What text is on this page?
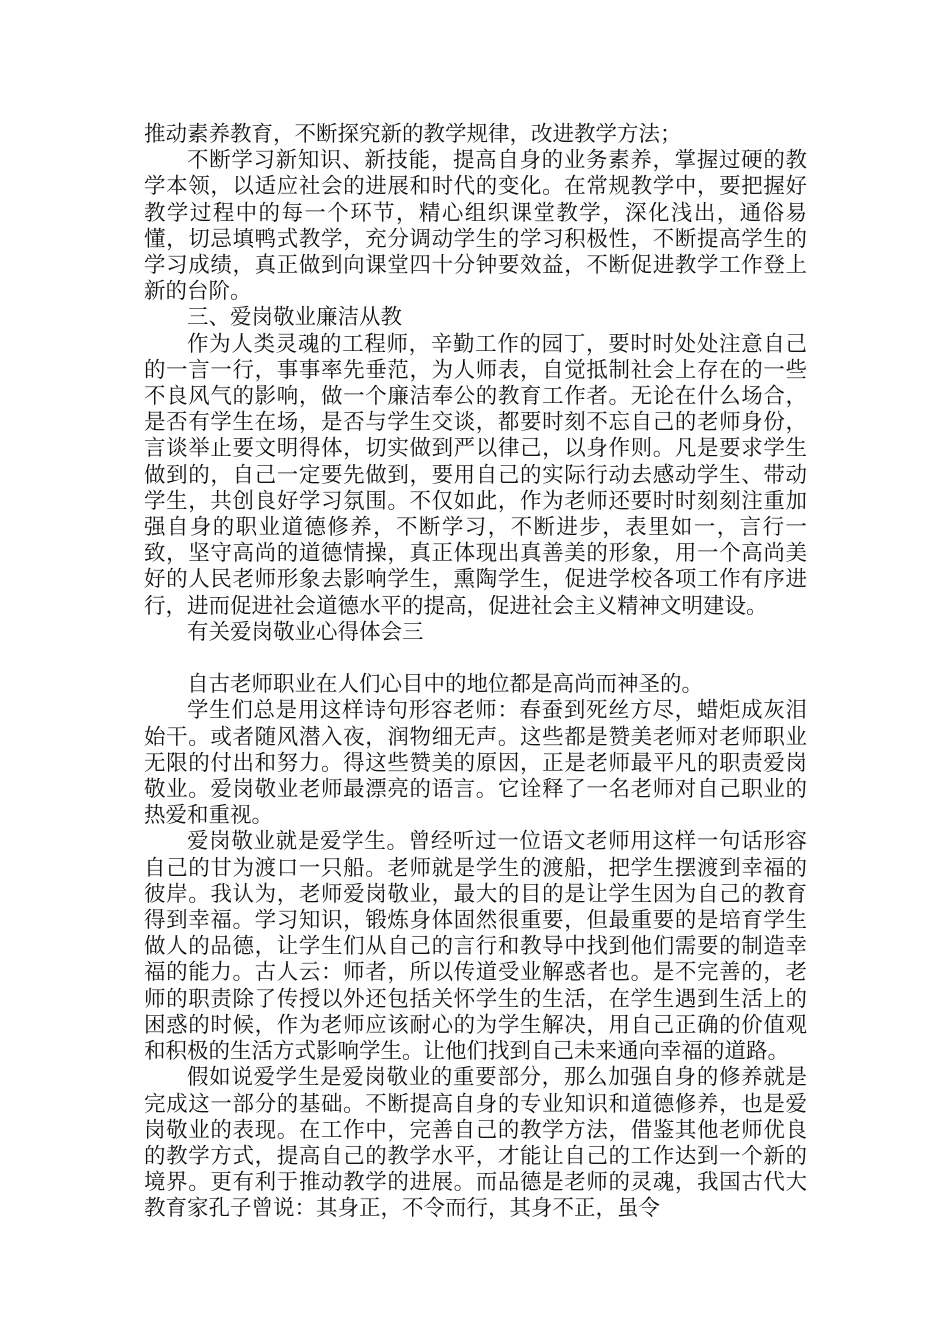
推动素养教育，不断探究新的教学规律，改进教学方法；

不断学习新知识、新技能，提高自身的业务素养，掌握过硬的教学本领，以适应社会的进展和时代的变化。在常规教学中，要把握好教学过程中的每一个环节，精心组织课堂教学，深化浅出，通俗易懂，切忌填鸭式教学，充分调动学生的学习积极性，不断提高学生的学习成绩，真正做到向课堂四十分钟要效益，不断促进教学工作登上新的台阶。

三、爱岗敬业廉洁从教

作为人类灵魂的工程师，辛勤工作的园丁，要时时处处注意自己的一言一行，事事率先垂范，为人师表，自觉抵制社会上存在的一些不良风气的影响，做一个廉洁奉公的教育工作者。无论在什么场合，是否有学生在场，是否与学生交谈，都要时刻不忘自己的老师身份，言谈举止要文明得体，切实做到严以律己，以身作则。凡是要求学生做到的，自己一定要先做到，要用自己的实际行动去感动学生、带动学生，共创良好学习氛围。不仅如此，作为老师还要时时刻刻注重加强自身的职业道德修养，不断学习，不断进步，表里如一，言行一致，坚守高尚的道德情操，真正体现出真善美的形象，用一个高尚美好的人民老师形象去影响学生，熏陶学生，促进学校各项工作有序进行，进而促进社会道德水平的提高，促进社会主义精神文明建设。

有关爱岗敬业心得体会三

自古老师职业在人们心目中的地位都是高尚而神圣的。

学生们总是用这样诗句形容老师：春蚕到死丝方尽，蜡炬成灰泪始干。或者随风潜入夜，润物细无声。这些都是赞美老师对老师职业无限的付出和努力。得这些赞美的原因，正是老师最平凡的职责爱岗敬业。爱岗敬业老师最漂亮的语言。它诠释了一名老师对自己职业的热爱和重视。

爱岗敬业就是爱学生。曾经听过一位语文老师用这样一句话形容自己的甘为渡口一只船。老师就是学生的渡船，把学生摆渡到幸福的彼岸。我认为，老师爱岗敬业，最大的目的是让学生因为自己的教育得到幸福。学习知识，锻炼身体固然很重要，但最重要的是培育学生做人的品德，让学生们从自己的言行和教导中找到他们需要的制造幸福的能力。古人云：师者，所以传道受业解惑者也。是不完善的，老师的职责除了传授以外还包括关怀学生的生活，在学生遇到生活上的困惑的时候，作为老师应该耐心的为学生解决，用自己正确的价值观和积极的生活方式影响学生。让他们找到自己未来通向幸福的道路。

假如说爱学生是爱岗敬业的重要部分，那么加强自身的修养就是完成这一部分的基础。不断提高自身的专业知识和道德修养，也是爱岗敬业的表现。在工作中，完善自己的教学方法，借鉴其他老师优良的教学方式，提高自己的教学水平，才能让自己的工作达到一个新的境界。更有利于推动教学的进展。而品德是老师的灵魂，我国古代大教育家孔子曾说：其身正，不令而行，其身不正，虽令
